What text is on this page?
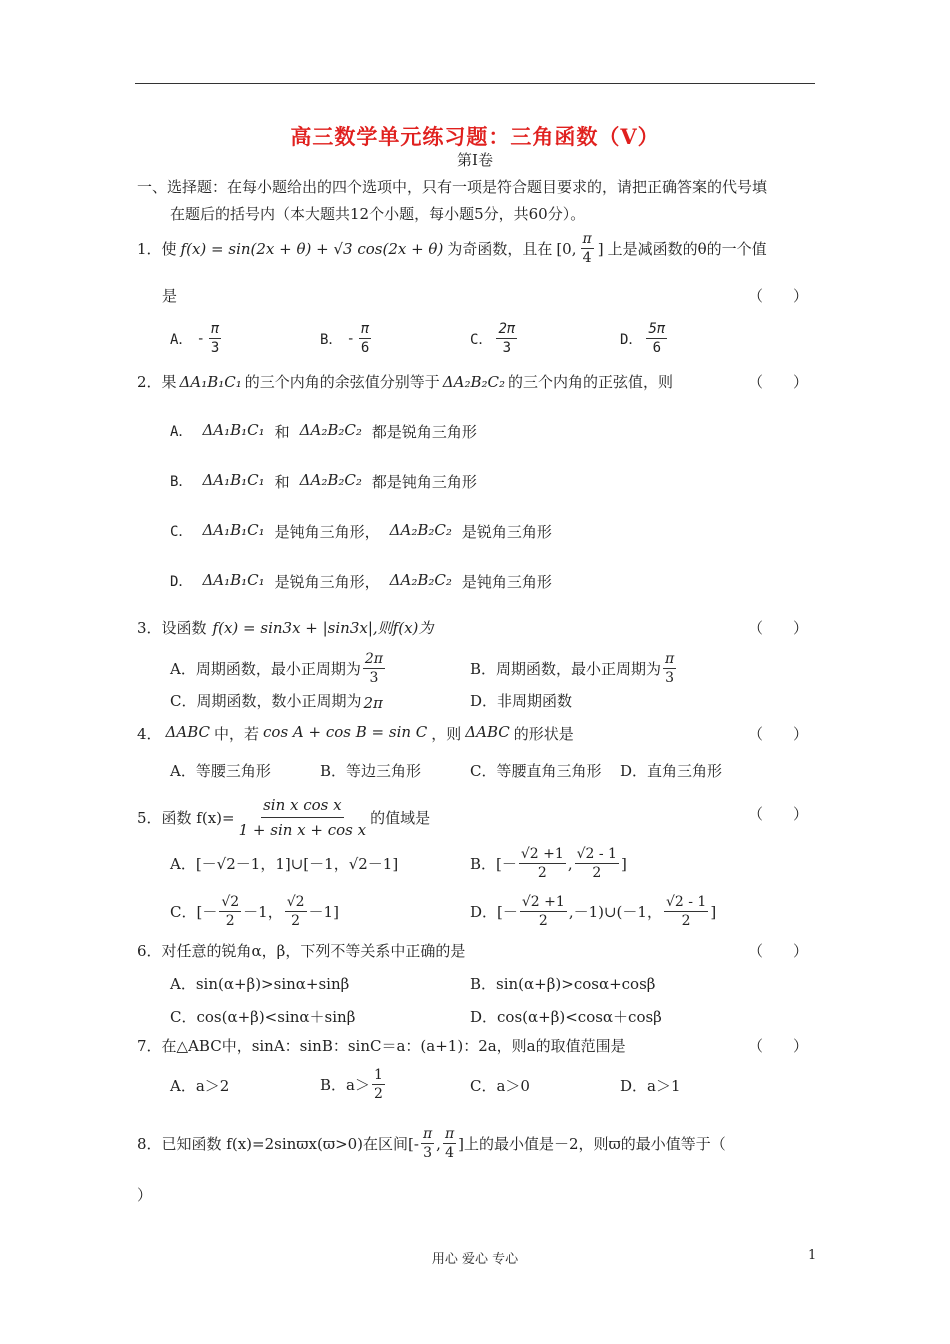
高三数学单元练习题：三角函数（Ⅴ）
第Ⅰ卷
一、选择题：在每小题给出的四个选项中，只有一项是符合题目要求的，请把正确答案的代号填
在题后的括号内（本大题共12个小题，每小题5分，共60分）。
1．使 f(x) = sin(2x + θ) + √3 cos(2x + θ) 为奇函数，且在 [0, $\frac{\pi}{4}$ ] 上是减函数的θ的一个值
是	（　　）
A． - $\frac{\pi}{3}$	B． - $\frac{\pi}{6}$	C． $\frac{2\pi}{3}$	D． $\frac{5\pi}{6}$
2．果 ΔA₁B₁C₁ 的三个内角的余弦值分别等于 ΔA₂B₂C₂ 的三个内角的正弦值，则	（　　）
A． ΔA₁B₁C₁ 和 ΔA₂B₂C₂ 都是锐角三角形
B． ΔA₁B₁C₁ 和 ΔA₂B₂C₂ 都是钝角三角形
C． ΔA₁B₁C₁ 是钝角三角形， ΔA₂B₂C₂ 是锐角三角形
D． ΔA₁B₁C₁ 是锐角三角形， ΔA₂B₂C₂ 是钝角三角形
3．设函数 f(x) = sin3x + |sin3x|,则f(x)为	（　　）
A．周期函数，最小正周期为 $\frac{2\pi}{3}$	B．周期函数，最小正周期为 $\frac{\pi}{3}$
C．周期函数，数小正周期为 2π	D．非周期函数
4． ΔABC 中，若 cos A + cos B = sin C ，则 ΔABC 的形状是	（　　）
A．等腰三角形	B．等边三角形	C．等腰直角三角形 D．直角三角形
5．函数 $f(x)= \frac{\text{sin x cos x}}{\text{1 + sin x + cos x}}$ 的值域是	（　　）
A．[－√2－1，1]∪[－1，√2－1]	B．[－ $\frac{√2 +1}{2}$ , $\frac{√2 - 1}{2}$ ]
C．[－ $\frac{√2}{2} -1$， $\frac{√2}{2} -1$]	D．[－ $\frac{√2 +1}{2}$ ,－1)∪(－1， $\frac{√2 - 1}{2}$ ]
6．对任意的锐角α，β，下列不等关系中正确的是	（　　）
A．sin(α+β)>sinα+sinβ	B．sin(α+β)>cosα+cosβ
C．cos(α+β)<sinα＋sinβ	D．cos(α+β)<cosα＋cosβ
7．在△ABC中，sinA：sinB：sinC＝a：(a+1)：2a，则a的取值范围是	（　　）
A．a＞2	B．$a> \frac{1}{2}$	C．a＞0	D．a＞1
8．已知函数 f(x)=2sinϖx(ϖ>0)在区间[- $\frac{\pi}{3}$ , $\frac{\pi}{4}$ ]上的最小值是－2，则ϖ的最小值等于（
）
用心 爱心 专心	1
